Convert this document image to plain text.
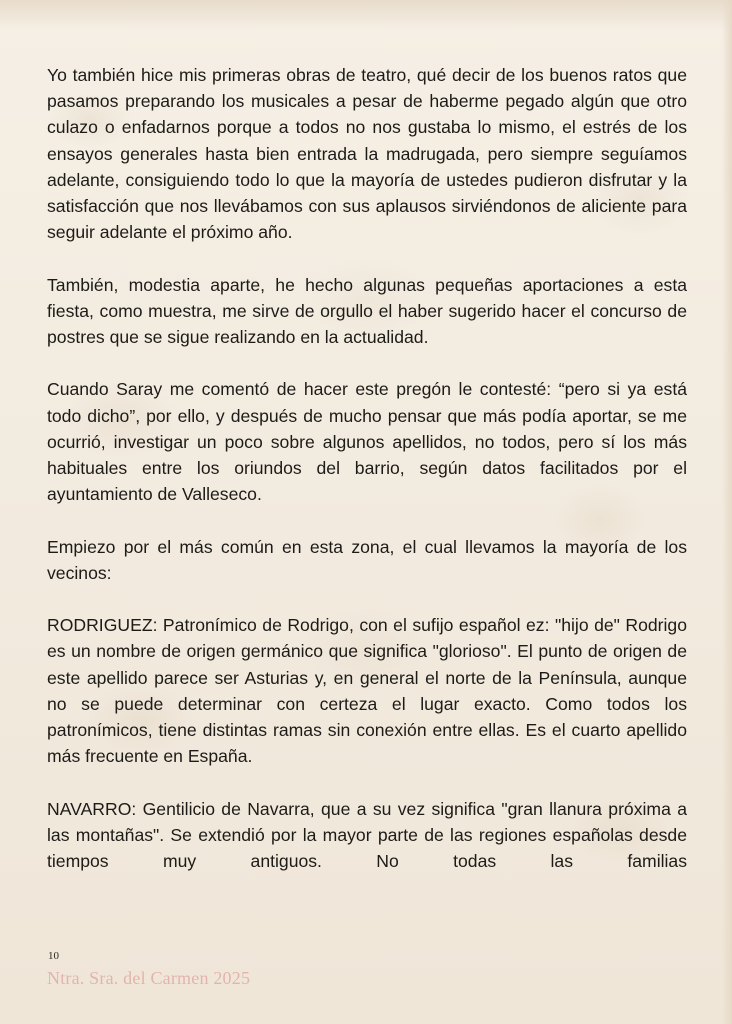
Yo también hice mis primeras obras de teatro, qué decir de los buenos ratos que pasamos preparando los musicales a pesar de haberme pegado algún que otro culazo o enfadarnos porque a todos no nos gustaba lo mismo, el estrés de los ensayos generales hasta bien entrada la madrugada, pero siempre seguíamos adelante, consiguiendo todo lo que la mayoría de ustedes pudieron disfrutar y la satisfacción que nos llevábamos con sus aplausos sirviéndonos de aliciente para seguir adelante el próximo año.

También, modestia aparte, he hecho algunas pequeñas aportaciones a esta fiesta, como muestra, me sirve de orgullo el haber sugerido hacer el concurso de postres que se sigue realizando en la actualidad.

Cuando Saray me comentó de hacer este pregón le contesté: “pero si ya está todo dicho”, por ello, y después de mucho pensar que más podía aportar, se me ocurrió, investigar un poco sobre algunos apellidos, no todos, pero sí los más habituales entre los oriundos del barrio, según datos facilitados por el ayuntamiento de Valleseco.

Empiezo por el más común en esta zona, el cual llevamos la mayoría de los vecinos:

RODRIGUEZ: Patronímico de Rodrigo, con el sufijo español ez: "hijo de" Rodrigo es un nombre de origen germánico que significa "glorioso". El punto de origen de este apellido parece ser Asturias y, en general el norte de la Península, aunque no se puede determinar con certeza el lugar exacto. Como todos los patronímicos, tiene distintas ramas sin conexión entre ellas. Es el cuarto apellido más frecuente en España.

NAVARRO: Gentilicio de Navarra, que a su vez significa "gran llanura próxima a las montañas". Se extendió por la mayor parte de las regiones españolas desde tiempos muy antiguos. No todas las familias

10
Ntra. Sra. del Carmen 2025
